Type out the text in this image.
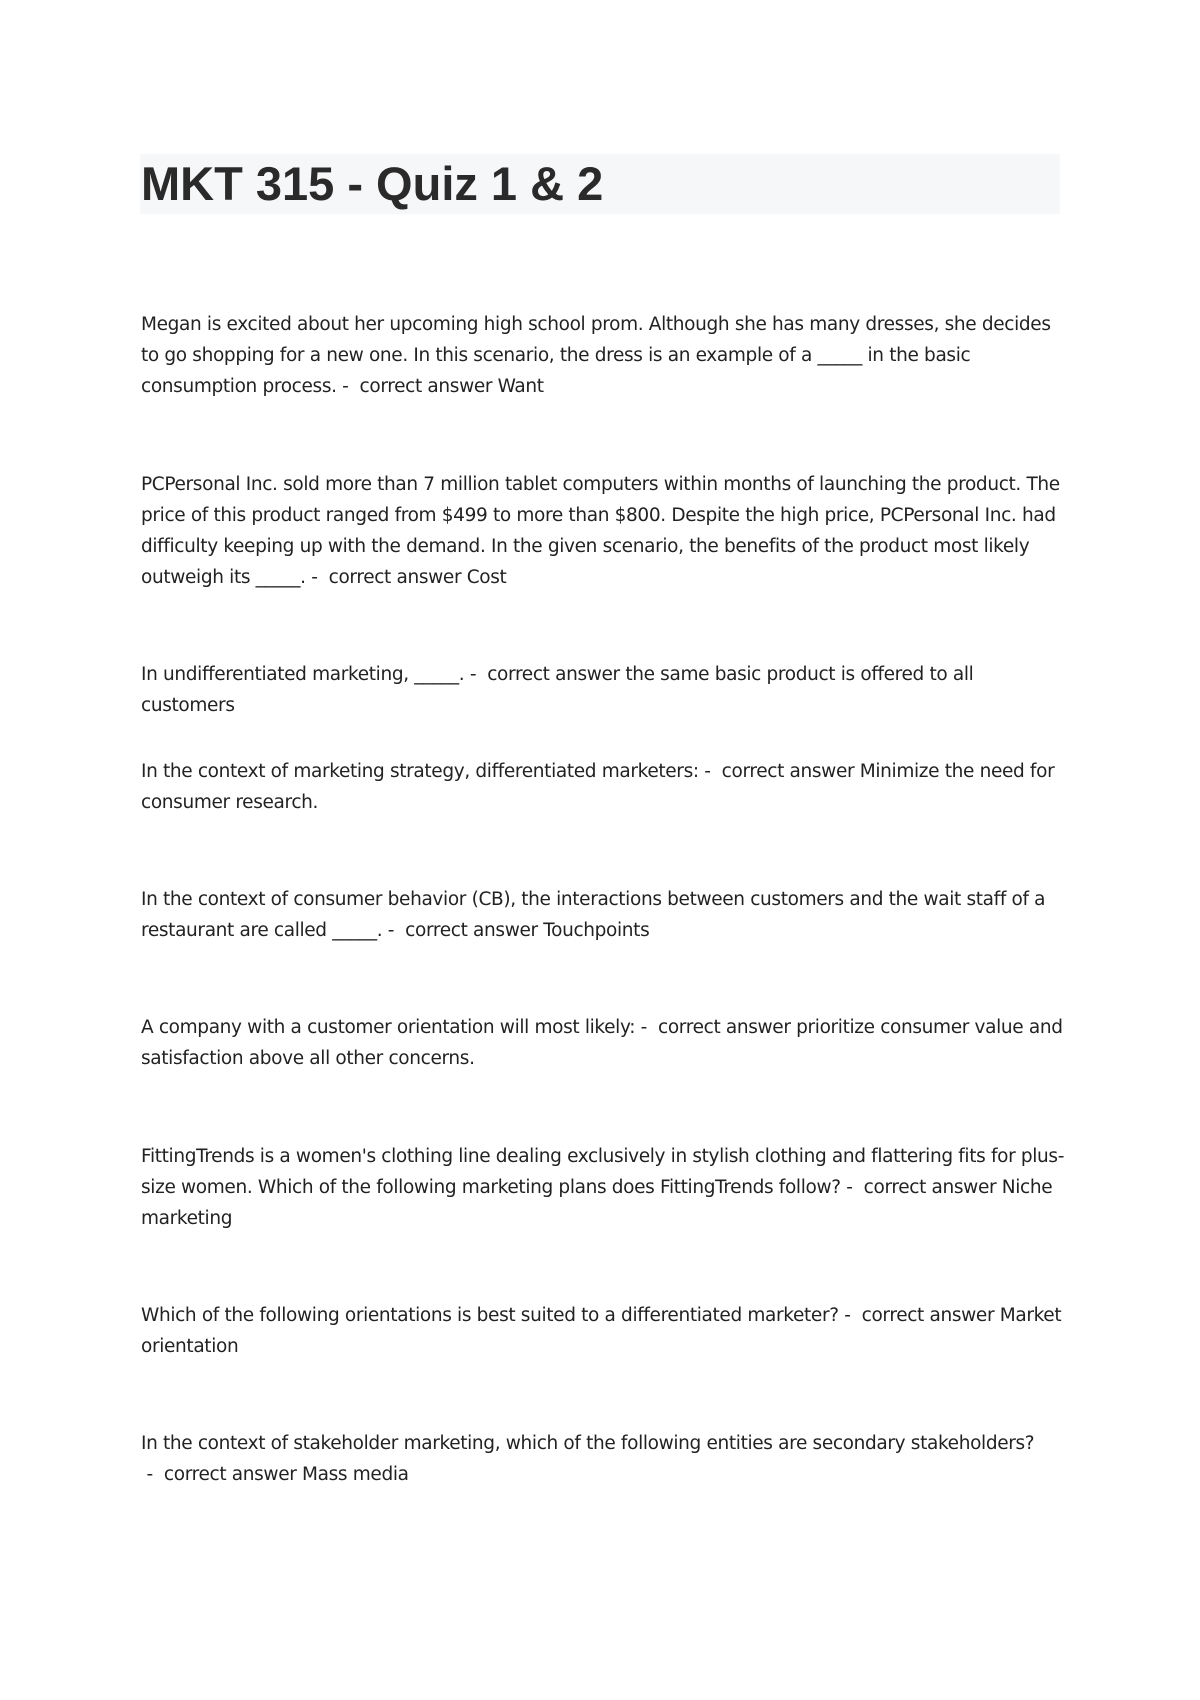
MKT 315 - Quiz 1 & 2

Megan is excited about her upcoming high school prom. Although she has many dresses, she decides to go shopping for a new one. In this scenario, the dress is an example of a _____ in the basic consumption process. -  correct answer Want

PCPersonal Inc. sold more than 7 million tablet computers within months of launching the product. The price of this product ranged from $499 to more than $800. Despite the high price, PCPersonal Inc. had difficulty keeping up with the demand. In the given scenario, the benefits of the product most likely outweigh its _____. -  correct answer Cost

In undifferentiated marketing, _____. -  correct answer the same basic product is offered to all customers

In the context of marketing strategy, differentiated marketers: -  correct answer Minimize the need for consumer research.

In the context of consumer behavior (CB), the interactions between customers and the wait staff of a restaurant are called _____. -  correct answer Touchpoints

A company with a customer orientation will most likely: -  correct answer prioritize consumer value and satisfaction above all other concerns.

FittingTrends is a women's clothing line dealing exclusively in stylish clothing and flattering fits for plus-size women. Which of the following marketing plans does FittingTrends follow? -  correct answer Niche marketing

Which of the following orientations is best suited to a differentiated marketer? -  correct answer Market orientation

In the context of stakeholder marketing, which of the following entities are secondary stakeholders? -  correct answer Mass media
